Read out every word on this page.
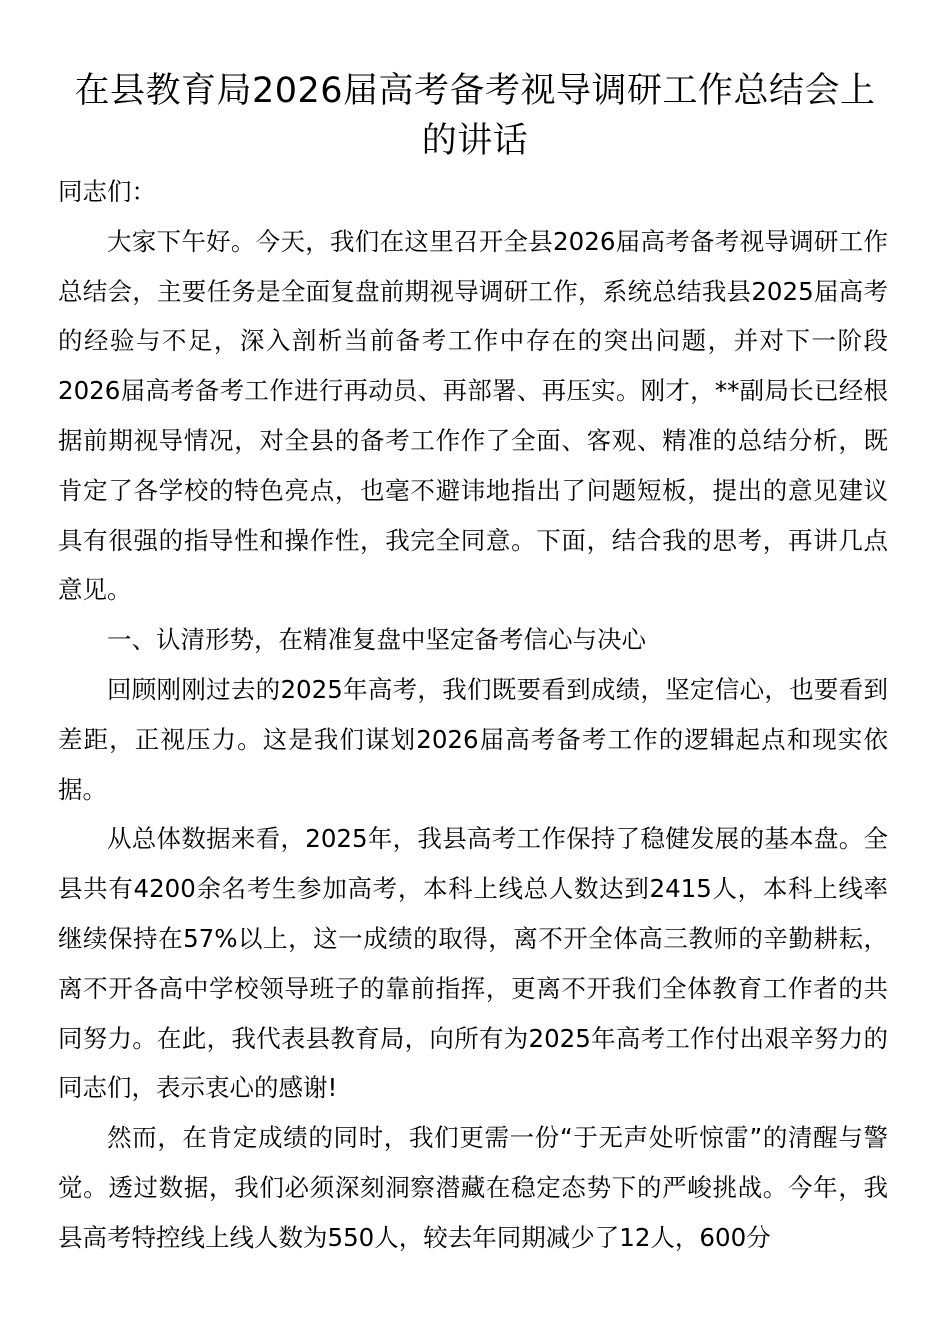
在县教育局2026届高考备考视导调研工作总结会上的讲话

同志们：

大家下午好。今天，我们在这里召开全县2026届高考备考视导调研工作总结会，主要任务是全面复盘前期视导调研工作，系统总结我县2025届高考的经验与不足，深入剖析当前备考工作中存在的突出问题，并对下一阶段2026届高考备考工作进行再动员、再部署、再压实。刚才，**副局长已经根据前期视导情况，对全县的备考工作作了全面、客观、精准的总结分析，既肯定了各学校的特色亮点，也毫不避讳地指出了问题短板，提出的意见建议具有很强的指导性和操作性，我完全同意。下面，结合我的思考，再讲几点意见。

一、认清形势，在精准复盘中坚定备考信心与决心

回顾刚刚过去的2025年高考，我们既要看到成绩，坚定信心，也要看到差距，正视压力。这是我们谋划2026届高考备考工作的逻辑起点和现实依据。

从总体数据来看，2025年，我县高考工作保持了稳健发展的基本盘。全县共有4200余名考生参加高考，本科上线总人数达到2415人，本科上线率继续保持在57%以上，这一成绩的取得，离不开全体高三教师的辛勤耕耘，离不开各高中学校领导班子的靠前指挥，更离不开我们全体教育工作者的共同努力。在此，我代表县教育局，向所有为2025年高考工作付出艰辛努力的同志们，表示衷心的感谢!

然而，在肯定成绩的同时，我们更需一份“于无声处听惊雷”的清醒与警觉。透过数据，我们必须深刻洞察潜藏在稳定态势下的严峻挑战。今年，我县高考特控线上线人数为550人，较去年同期减少了12人，600分
